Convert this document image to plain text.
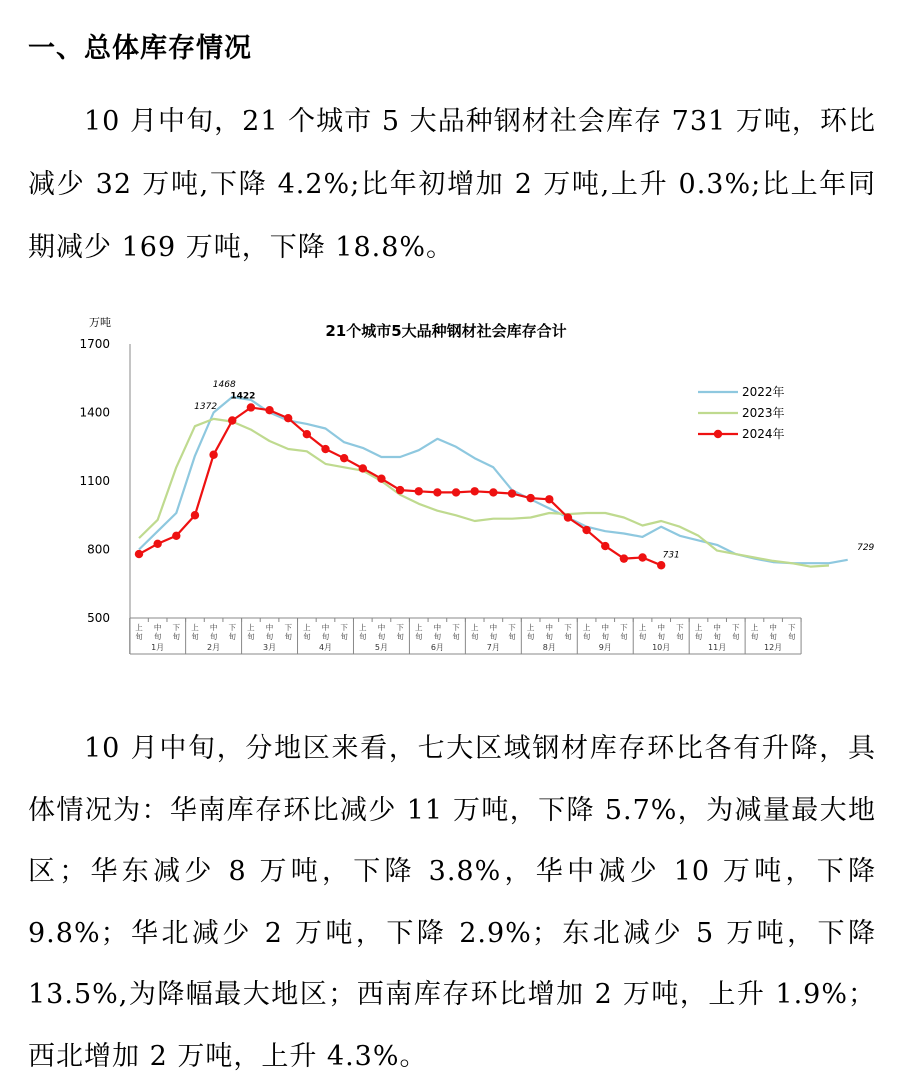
一、总体库存情况

10 月中旬，21 个城市 5 大品种钢材社会库存 731 万吨，环比减少 32 万吨,下降 4.2%;比年初增加 2 万吨,上升 0.3%;比上年同期减少 169 万吨，下降 18.8%。

21个城市5大品种钢材社会库存合计
万吨
1700
1400
1100
800
500
上
旬
中
旬
下
旬
上
旬
中
旬
下
旬
上
旬
中
旬
下
旬
上
旬
中
旬
下
旬
上
旬
中
旬
下
旬
上
旬
中
旬
下
旬
上
旬
中
旬
下
旬
上
旬
中
旬
下
旬
上
旬
中
旬
下
旬
上
旬
中
旬
下
旬
上
旬
中
旬
下
旬
上
旬
中
旬
下
旬
1月	2月	3月	4月	5月	6月	7月	8月	9月	10月	11月	12月
1468
1422
1372
731
729
2022年
2023年
2024年

10 月中旬，分地区来看，七大区域钢材库存环比各有升降，具体情况为：华南库存环比减少 11 万吨，下降 5.7%，为减量最大地区；华东减少 8 万吨，下降 3.8%，华中减少 10 万吨，下降 9.8%；华北减少 2 万吨，下降 2.9%；东北减少 5 万吨，下降 13.5%,为降幅最大地区；西南库存环比增加 2 万吨，上升 1.9%；西北增加 2 万吨，上升 4.3%。
